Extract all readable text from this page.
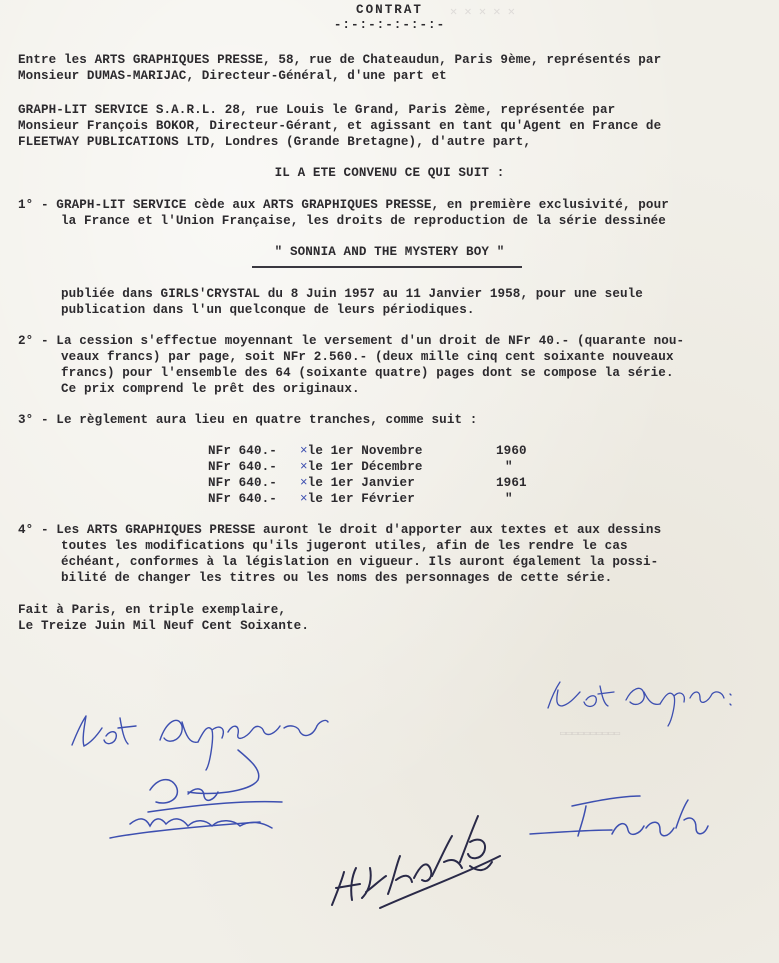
✕ ✕ ✕ ✕ ✕
CONTRAT
-:-:-:-:-:-:-
Entre les ARTS GRAPHIQUES PRESSE, 58, rue de Chateaudun, Paris 9ème, représentés par
Monsieur DUMAS-MARIJAC, Directeur-Général, d'une part et
GRAPH-LIT SERVICE S.A.R.L. 28, rue Louis le Grand, Paris 2ème, représentée par
Monsieur François BOKOR, Directeur-Gérant, et agissant en tant qu'Agent en France de
FLEETWAY PUBLICATIONS LTD, Londres (Grande Bretagne), d'autre part,
IL A ETE CONVENU CE QUI SUIT :
1° - GRAPH-LIT SERVICE cède aux ARTS GRAPHIQUES PRESSE, en première exclusivité, pour
la France et l'Union Française, les droits de reproduction de la série dessinée
" SONNIA AND THE MYSTERY BOY "
publiée dans GIRLS'CRYSTAL du 8 Juin 1957 au 11 Janvier 1958, pour une seule
publication dans l'un quelconque de leurs périodiques.
2° - La cession s'effectue moyennant le versement d'un droit de NFr 40.- (quarante nou-
veaux francs) par page, soit NFr 2.560.- (deux mille cinq cent soixante nouveaux
francs) pour l'ensemble des 64 (soixante quatre) pages dont se compose la série.
Ce prix comprend le prêt des originaux.
3° - Le règlement aura lieu en quatre tranches, comme suit :
NFr 640.- ×le 1er Novembre	1960
NFr 640.- ×le 1er Décembre	"
NFr 640.- ×le 1er Janvier	1961
NFr 640.- ×le 1er Février	"
4° - Les ARTS GRAPHIQUES PRESSE auront le droit d'apporter aux textes et aux dessins
toutes les modifications qu'ils jugeront utiles, afin de les rendre le cas
échéant, conformes à la législation en vigueur. Ils auront également la possi-
bilité de changer les titres ou les noms des personnages de cette série.
Fait à Paris, en triple exemplaire,
Le Treize Juin Mil Neuf Cent Soixante.
▭▭▭▭▭▭▭▭▭▭
